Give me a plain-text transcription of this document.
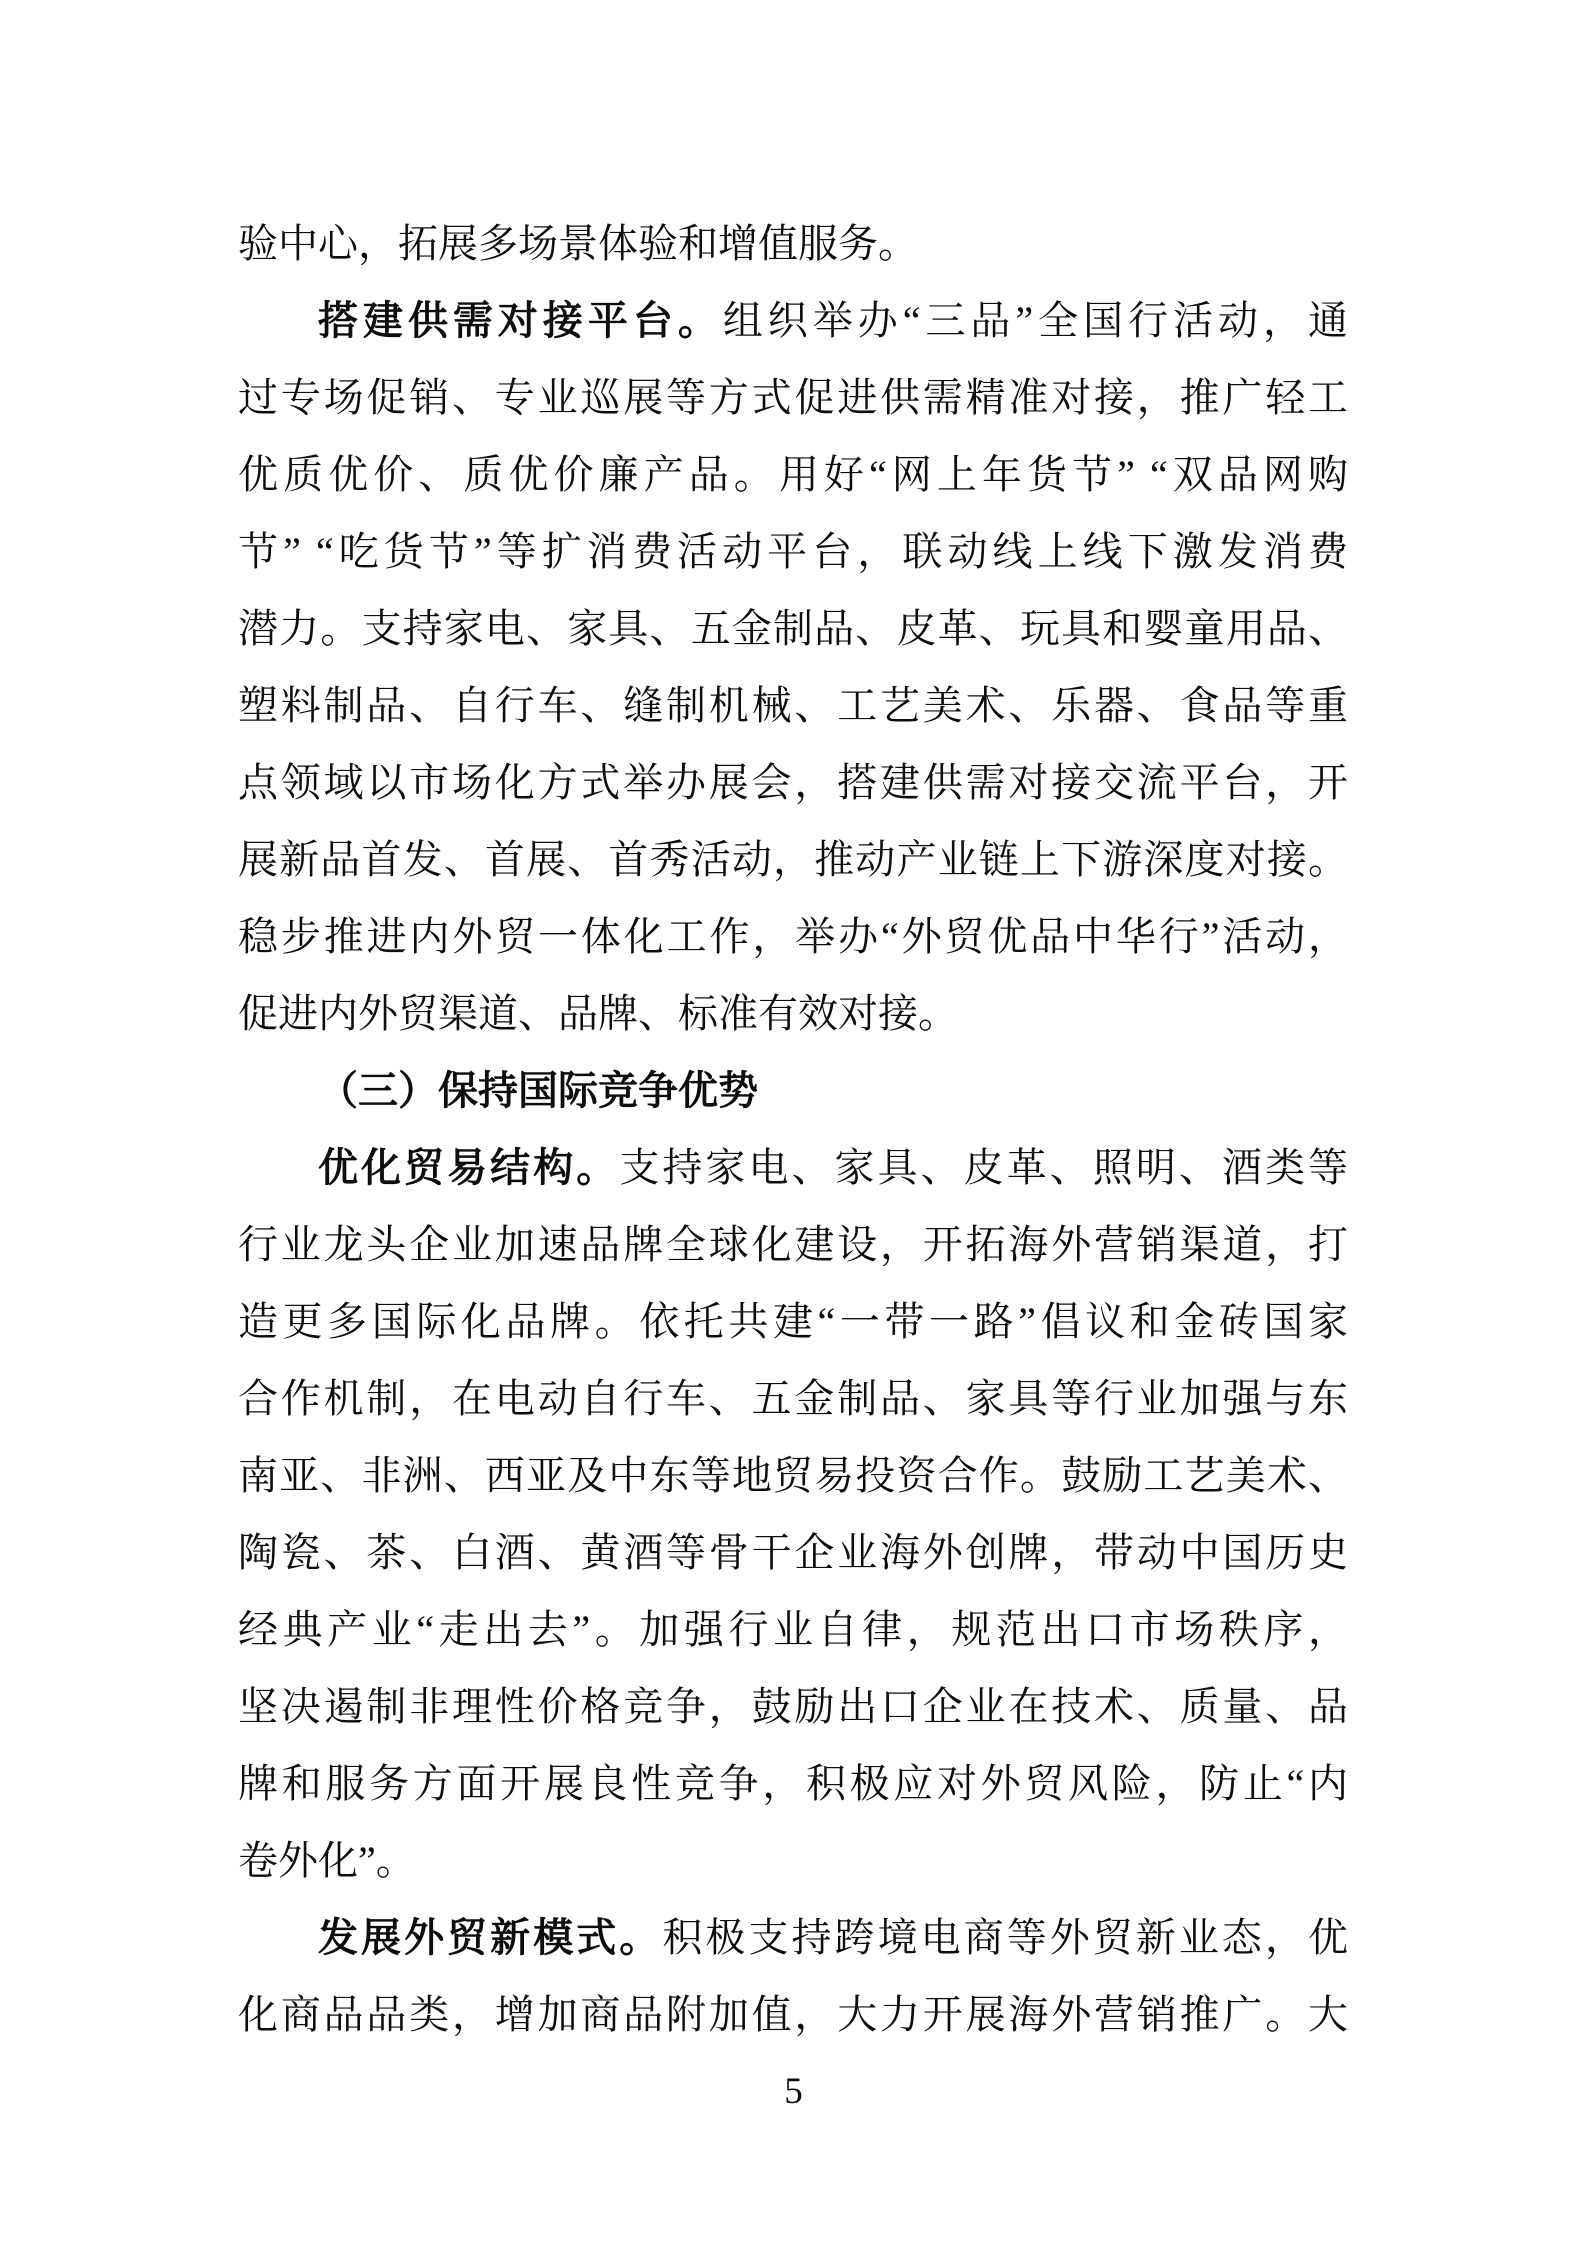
验中心，拓展多场景体验和增值服务。
搭建供需对接平台。组织举办“三品”全国行活动，通
过专场促销、专业巡展等方式促进供需精准对接，推广轻工
优质优价、质优价廉产品。用好“网上年货节” “双品网购
节” “吃货节”等扩消费活动平台，联动线上线下激发消费
潜力。支持家电、家具、五金制品、皮革、玩具和婴童用品、
塑料制品、自行车、缝制机械、工艺美术、乐器、食品等重
点领域以市场化方式举办展会，搭建供需对接交流平台，开
展新品首发、首展、首秀活动，推动产业链上下游深度对接。
稳步推进内外贸一体化工作，举办“外贸优品中华行”活动，
促进内外贸渠道、品牌、标准有效对接。
（三）保持国际竞争优势
优化贸易结构。支持家电、家具、皮革、照明、酒类等
行业龙头企业加速品牌全球化建设，开拓海外营销渠道，打
造更多国际化品牌。依托共建“一带一路”倡议和金砖国家
合作机制，在电动自行车、五金制品、家具等行业加强与东
南亚、非洲、西亚及中东等地贸易投资合作。鼓励工艺美术、
陶瓷、茶、白酒、黄酒等骨干企业海外创牌，带动中国历史
经典产业“走出去”。加强行业自律，规范出口市场秩序，
坚决遏制非理性价格竞争，鼓励出口企业在技术、质量、品
牌和服务方面开展良性竞争，积极应对外贸风险，防止“内
卷外化”。
发展外贸新模式。积极支持跨境电商等外贸新业态，优
化商品品类，增加商品附加值，大力开展海外营销推广。大
5
